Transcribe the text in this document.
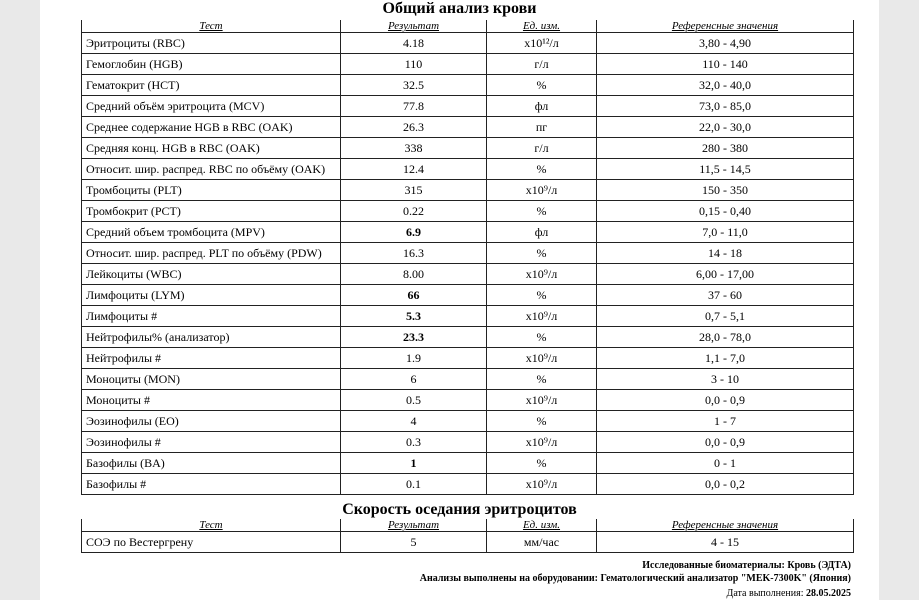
Общий анализ крови
Тест	Результат	Ед. изм.	Референсные значения
Эритроциты (RBC)	4.18	х10¹²/л	3,80 - 4,90
Гемоглобин (HGB)	110	г/л	110 - 140
Гематокрит (HCT)	32.5	%	32,0 - 40,0
Средний объём эритроцита (MCV)	77.8	фл	73,0 - 85,0
Среднее содержание HGB в RBC (OAK)	26.3	пг	22,0 - 30,0
Средняя конц. HGB в RBC (OAK)	338	г/л	280 - 380
Относит. шир. распред. RBC по объёму (OAK)	12.4	%	11,5 - 14,5
Тромбоциты (PLT)	315	х10⁹/л	150 - 350
Тромбокрит (PCT)	0.22	%	0,15 - 0,40
Средний объем тромбоцита (MPV)	6.9	фл	7,0 - 11,0
Относит. шир. распред. PLT по объёму (PDW)	16.3	%	14 - 18
Лейкоциты (WBC)	8.00	х10⁹/л	6,00 - 17,00
Лимфоциты (LYM)	66	%	37 - 60
Лимфоциты #	5.3	х10⁹/л	0,7 - 5,1
Нейтрофилы% (анализатор)	23.3	%	28,0 - 78,0
Нейтрофилы #	1.9	х10⁹/л	1,1 - 7,0
Моноциты (MON)	6	%	3 - 10
Моноциты #	0.5	х10⁹/л	0,0 - 0,9
Эозинофилы (EO)	4	%	1 - 7
Эозинофилы #	0.3	х10⁹/л	0,0 - 0,9
Базофилы (BA)	1	%	0 - 1
Базофилы #	0.1	х10⁹/л	0,0 - 0,2
Скорость оседания эритроцитов
Тест	Результат	Ед. изм.	Референсные значения
СОЭ по Вестергрену	5	мм/час	4 - 15
Исследованные биоматериалы: Кровь (ЭДТА)
Анализы выполнены на оборудовании: Гематологический анализатор "MEK-7300K" (Япония)
Дата выполнения: 28.05.2025
